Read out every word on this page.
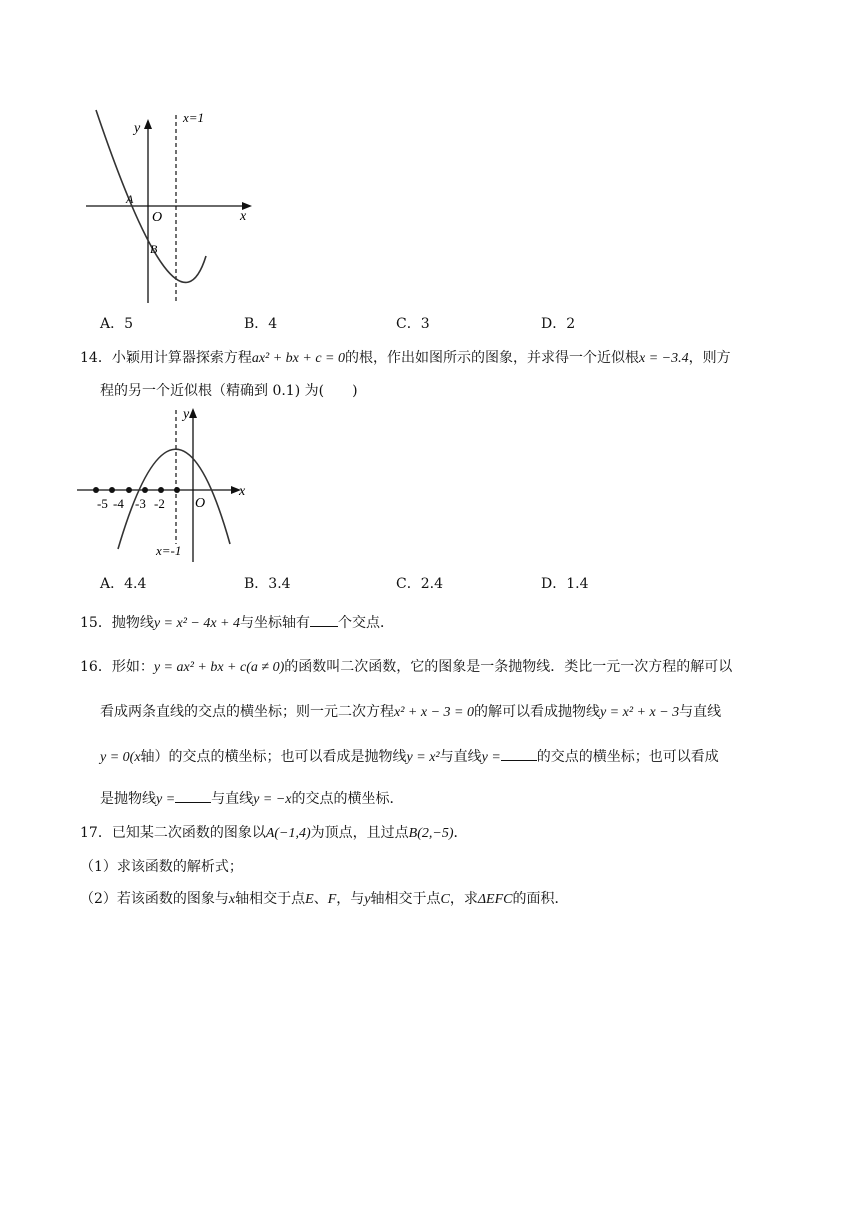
x=1
y
x
O
A
B
A．5	B．4	C．3	D．2
14．小颖用计算器探索方程ax² + bx + c = 0的根，作出如图所示的图象，并求得一个近似根x = −3.4，则方
程的另一个近似根（精确到 0.1) 为(　　)
y
x
O
-5 -4 -3 -2
x=-1
A．4.4	B．3.4	C．2.4	D．1.4
15．抛物线y = x² − 4x + 4与坐标轴有 个交点．
16．形如：y = ax² + bx + c(a ≠ 0)的函数叫二次函数，它的图象是一条抛物线．类比一元一次方程的解可以
看成两条直线的交点的横坐标；则一元二次方程x² + x − 3 = 0的解可以看成抛物线y = x² + x − 3与直线
y = 0(x轴）的交点的横坐标；也可以看成是抛物线y = x²与直线y =	的交点的横坐标；也可以看成
是抛物线y =	与直线y = −x的交点的横坐标．
17．已知某二次函数的图象以A(−1,4)为顶点，且过点B(2,−5)．
（1）求该函数的解析式；
（2）若该函数的图象与x轴相交于点E、F，与y轴相交于点C，求ΔEFC的面积．
